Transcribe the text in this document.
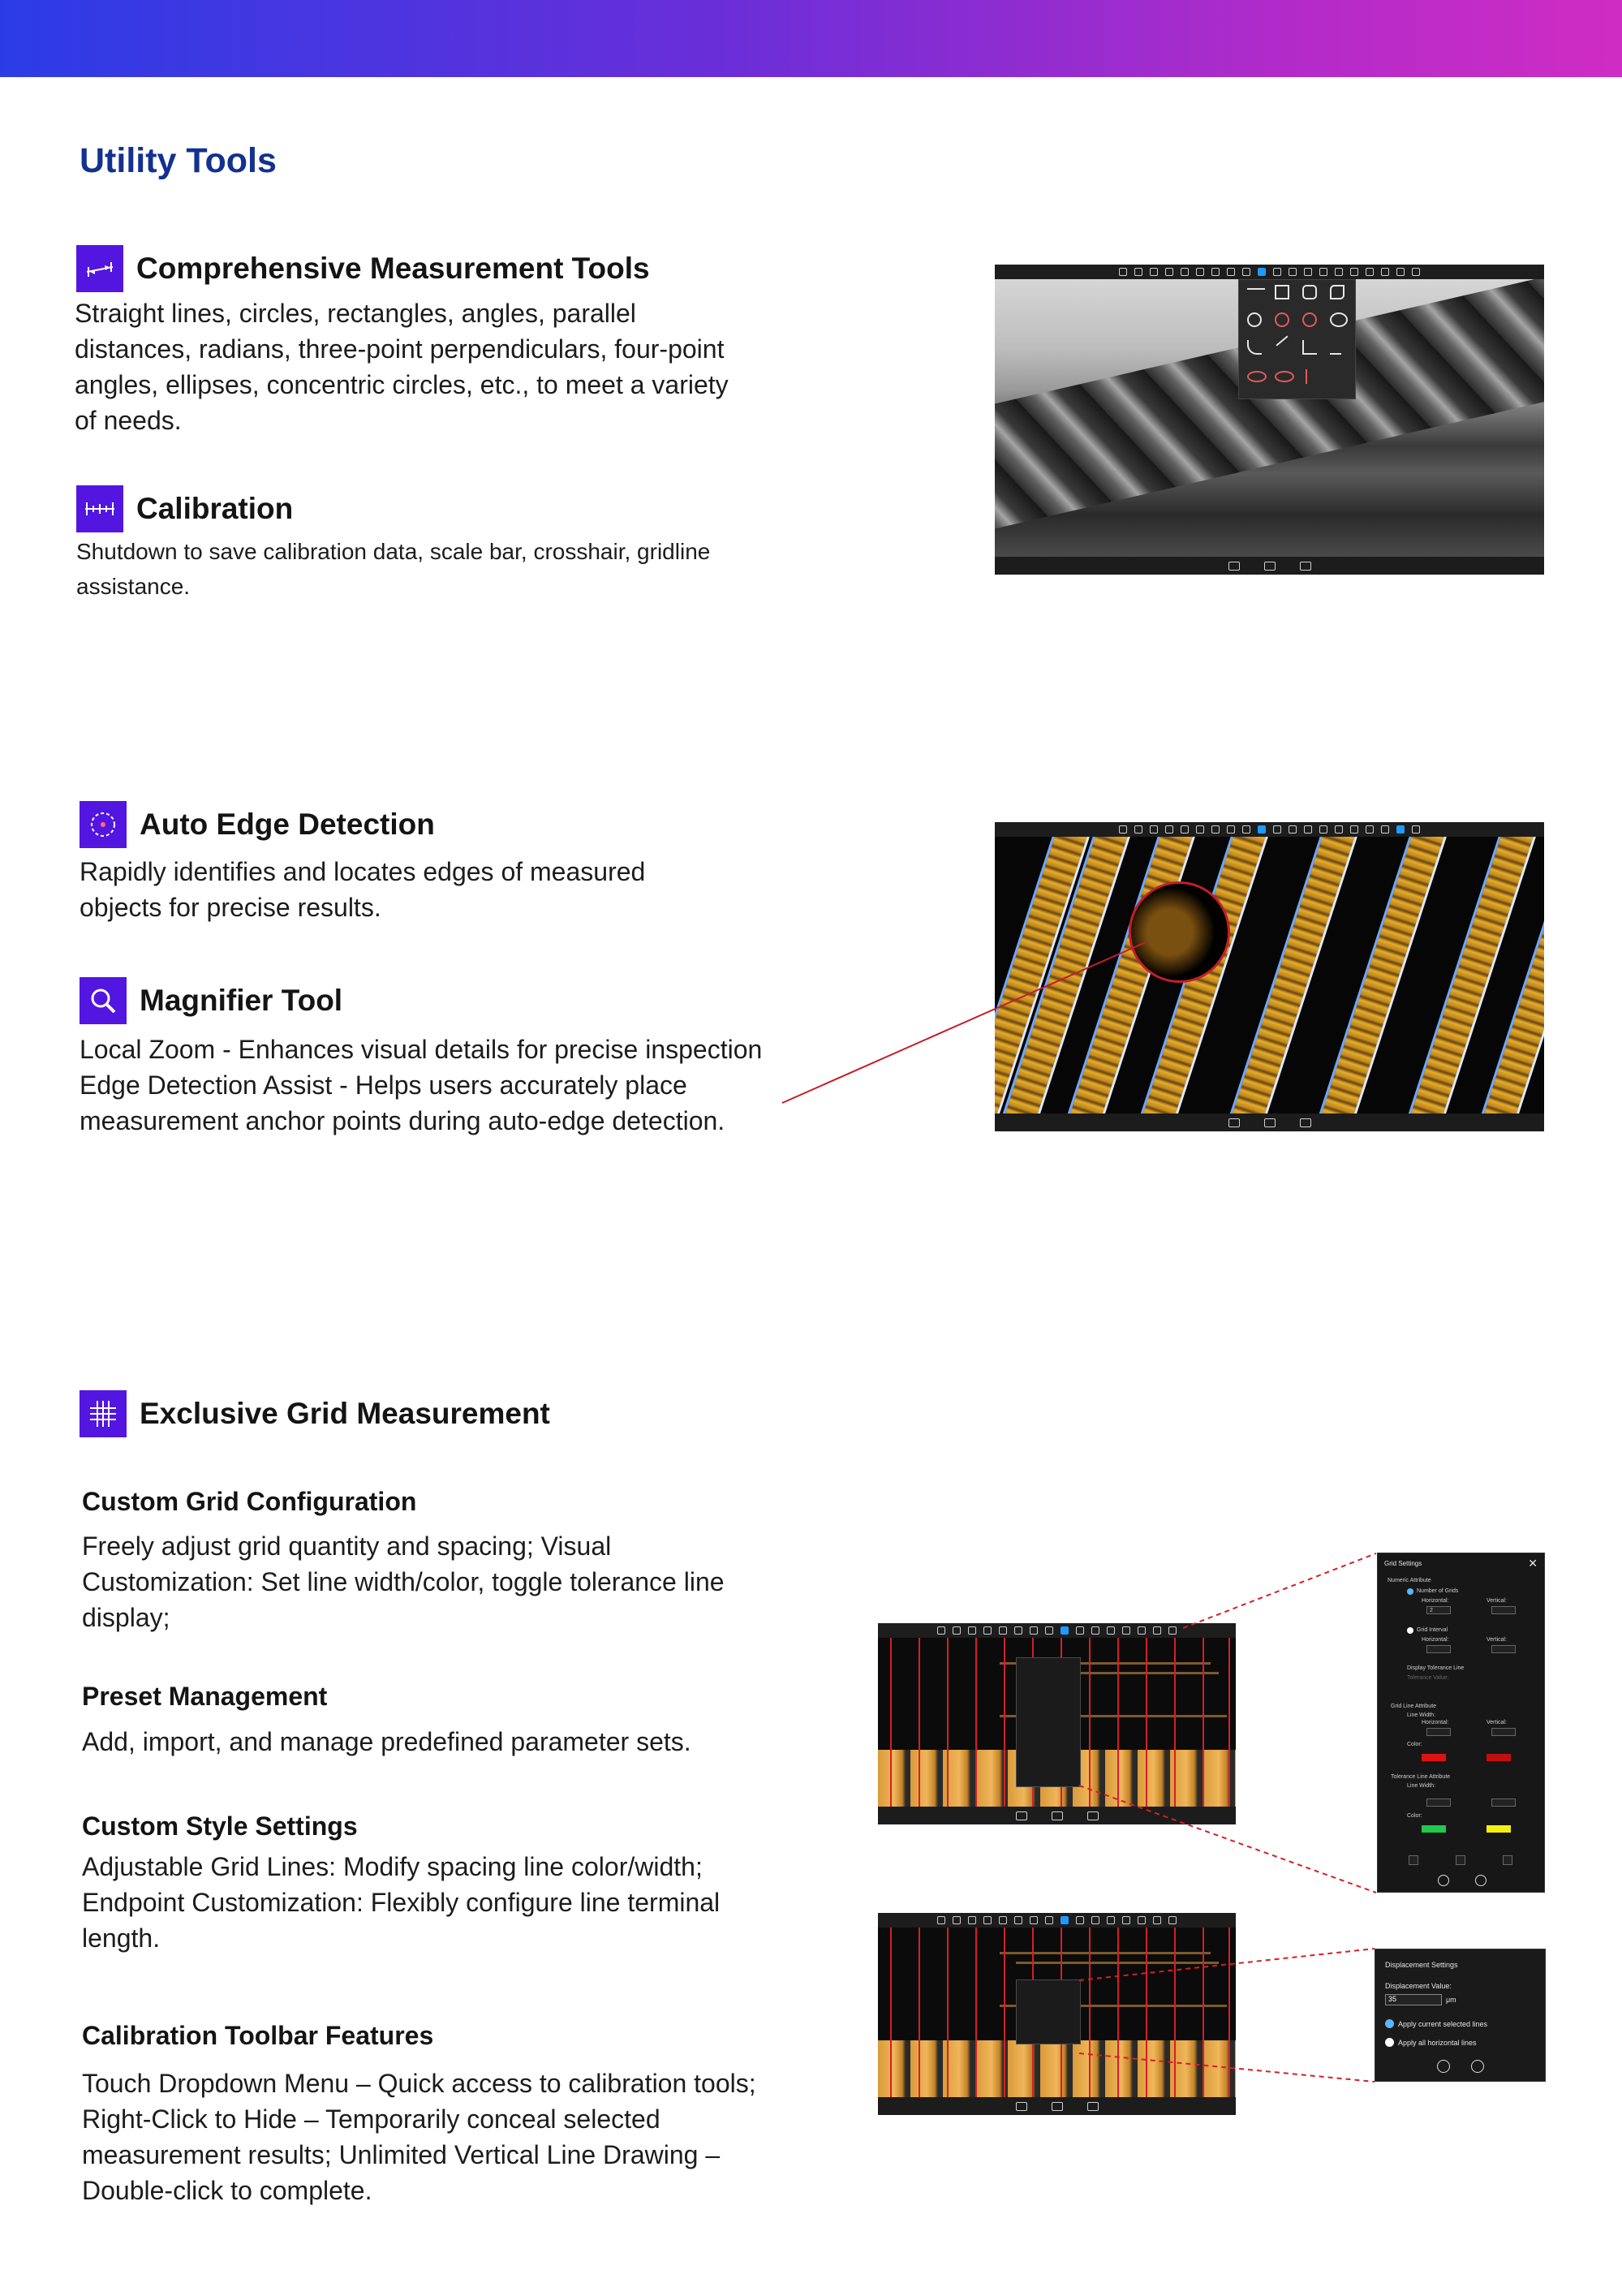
Utility Tools
Comprehensive Measurement Tools
Straight lines, circles, rectangles, angles, parallel
distances, radians, three-point perpendiculars, four-point
angles, ellipses, concentric circles, etc., to meet a variety
of needs.
Calibration
Shutdown to save calibration data, scale bar, crosshair, gridline
assistance.
Auto Edge Detection
Rapidly identifies and locates edges of measured
objects for precise results.
Magnifier Tool
Local Zoom - Enhances visual details for precise inspection
Edge Detection Assist - Helps users accurately place
measurement anchor points during auto-edge detection.
Exclusive Grid Measurement
Custom Grid Configuration
Freely adjust grid quantity and spacing; Visual
Customization: Set line width/color, toggle tolerance line
display;
Preset Management
Add, import, and manage predefined parameter sets.
Custom Style Settings
Adjustable Grid Lines: Modify spacing line color/width;
Endpoint Customization: Flexibly configure line terminal
length.
Calibration Toolbar Features
Touch Dropdown Menu – Quick access to calibration tools;
Right-Click to Hide – Temporarily conceal selected
measurement results; Unlimited Vertical Line Drawing –
Double-click to complete.
Grid Settings	✕
Numeric Attribute
Number of Grids
Horizontal:	Vertical:
2
Grid Interval
Horizontal:	Vertical:
Display Tolerance Line
Tolerance Value:
Grid Line Attribute
Line Width:
Horizontal:	Vertical:
Color:
Tolerance Line Attribute
Line Width:
Color:
Displacement Settings
Displacement Value:
35	μm
Apply current selected lines
Apply all horizontal lines
